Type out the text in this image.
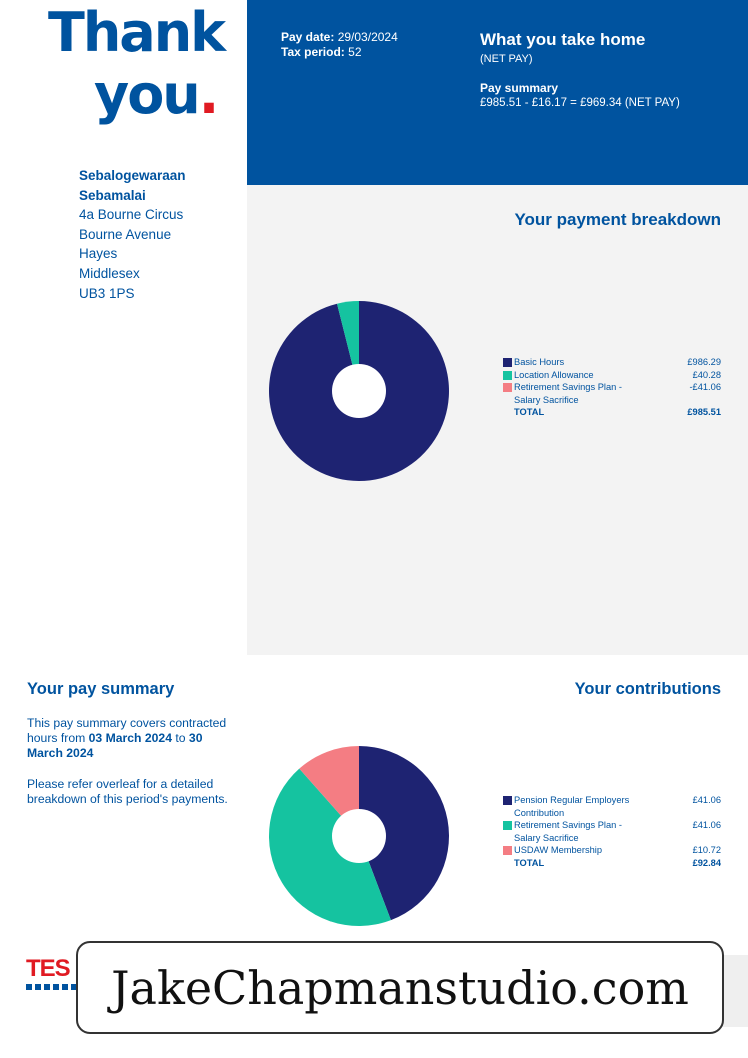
Thank
you.
Sebalogewaraan
Sebamalai
4a Bourne Circus
Bourne Avenue
Hayes
Middlesex
UB3 1PS
Pay date: 29/03/2024
Tax period: 52
What you take home
(NET PAY)
Pay summary
£985.51 - £16.17 = £969.34 (NET PAY)
Your payment breakdown
Basic Hours	£986.29
Location Allowance	£40.28
Retirement Savings Plan -	-£41.06
Salary Sacrifice
TOTAL	£985.51
Your pay summary	Your contributions

This pay summary covers contracted hours from 03 March 2024 to 30 March 2024

Please refer overleaf for a detailed breakdown of this period's payments.	Pension Regular Employers	£41.06
Contribution
Retirement Savings Plan -	£41.06
Salary Sacrifice
USDAW Membership	£10.72
TOTAL	£92.84
TES JakeChapmanstudio.com
